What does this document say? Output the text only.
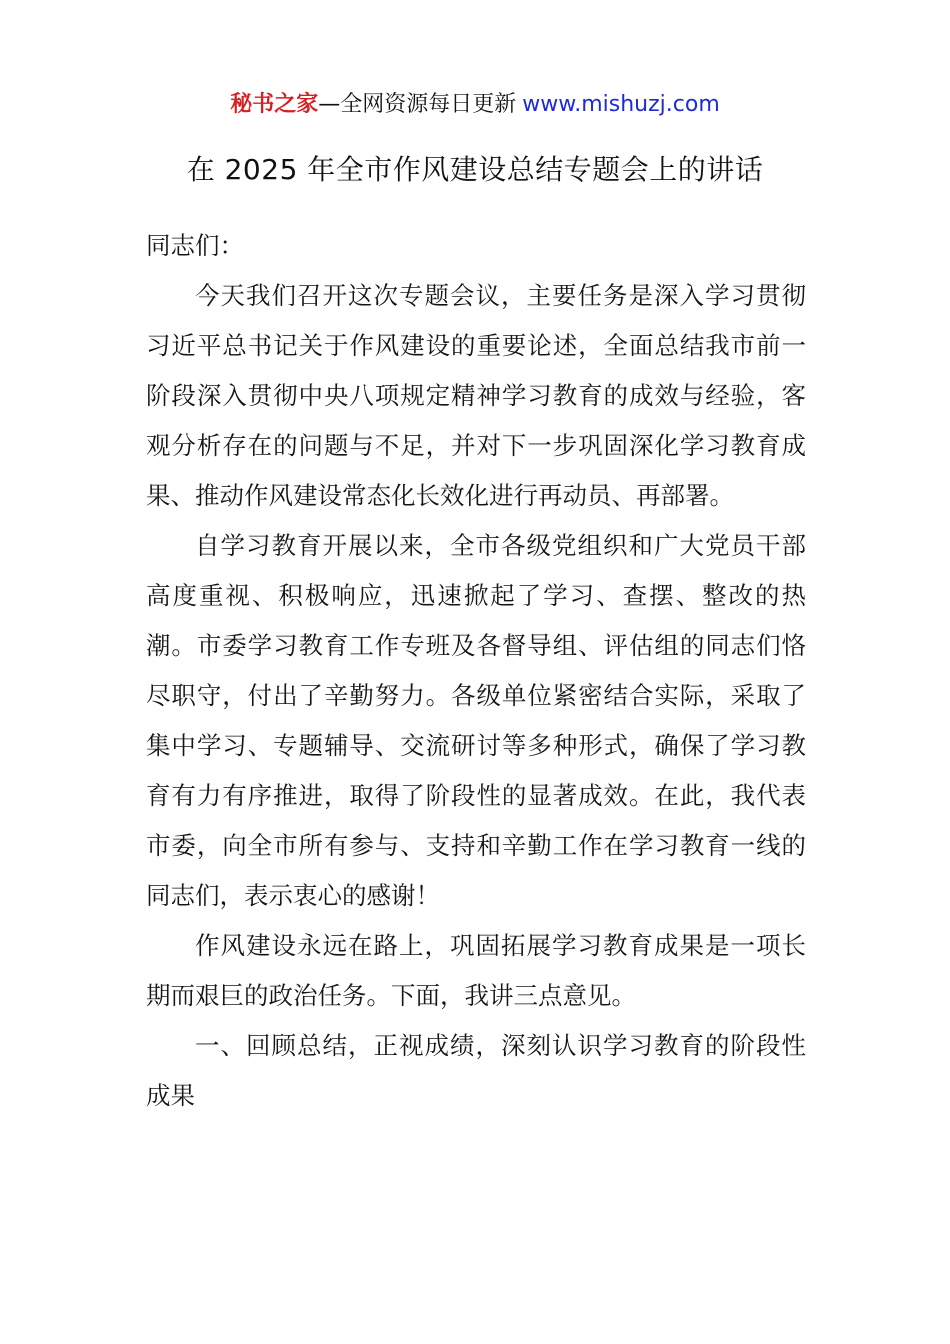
秘书之家—全网资源每日更新 www.mishuzj.com
在 2025 年全市作风建设总结专题会上的讲话

同志们：

今天我们召开这次专题会议，主要任务是深入学习贯彻习近平总书记关于作风建设的重要论述，全面总结我市前一阶段深入贯彻中央八项规定精神学习教育的成效与经验，客观分析存在的问题与不足，并对下一步巩固深化学习教育成果、推动作风建设常态化长效化进行再动员、再部署。

自学习教育开展以来，全市各级党组织和广大党员干部高度重视、积极响应，迅速掀起了学习、查摆、整改的热潮。市委学习教育工作专班及各督导组、评估组的同志们恪尽职守，付出了辛勤努力。各级单位紧密结合实际，采取了集中学习、专题辅导、交流研讨等多种形式，确保了学习教育有力有序推进，取得了阶段性的显著成效。在此，我代表市委，向全市所有参与、支持和辛勤工作在学习教育一线的同志们，表示衷心的感谢！

作风建设永远在路上，巩固拓展学习教育成果是一项长期而艰巨的政治任务。下面，我讲三点意见。

一、回顾总结，正视成绩，深刻认识学习教育的阶段性成果
